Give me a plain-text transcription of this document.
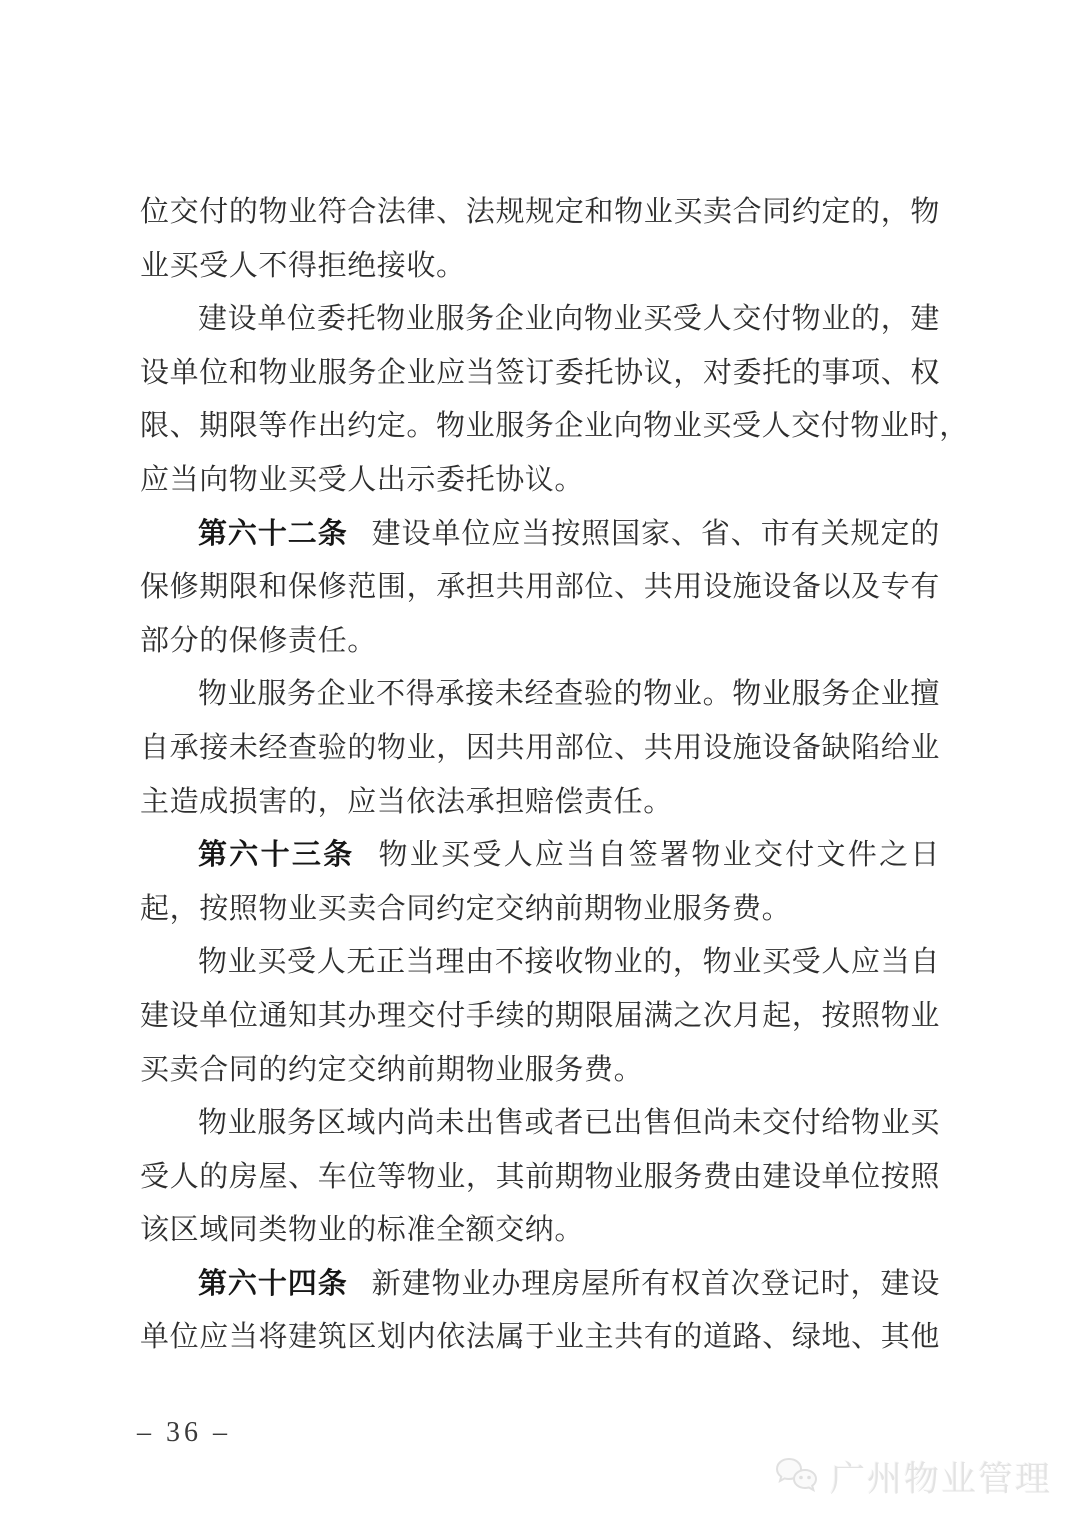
位交付的物业符合法律、法规规定和物业买卖合同约定的，物
业买受人不得拒绝接收。
建设单位委托物业服务企业向物业买受人交付物业的，建
设单位和物业服务企业应当签订委托协议，对委托的事项、权
限、期限等作出约定。物业服务企业向物业买受人交付物业时，
应当向物业买受人出示委托协议。
第六十二条 建设单位应当按照国家、省、市有关规定的
保修期限和保修范围，承担共用部位、共用设施设备以及专有
部分的保修责任。
物业服务企业不得承接未经查验的物业。物业服务企业擅
自承接未经查验的物业，因共用部位、共用设施设备缺陷给业
主造成损害的，应当依法承担赔偿责任。
第六十三条 物业买受人应当自签署物业交付文件之日
起，按照物业买卖合同约定交纳前期物业服务费。
物业买受人无正当理由不接收物业的，物业买受人应当自
建设单位通知其办理交付手续的期限届满之次月起，按照物业
买卖合同的约定交纳前期物业服务费。
物业服务区域内尚未出售或者已出售但尚未交付给物业买
受人的房屋、车位等物业，其前期物业服务费由建设单位按照
该区域同类物业的标准全额交纳。
第六十四条 新建物业办理房屋所有权首次登记时，建设
单位应当将建筑区划内依法属于业主共有的道路、绿地、其他
– 36 –
广州物业管理
